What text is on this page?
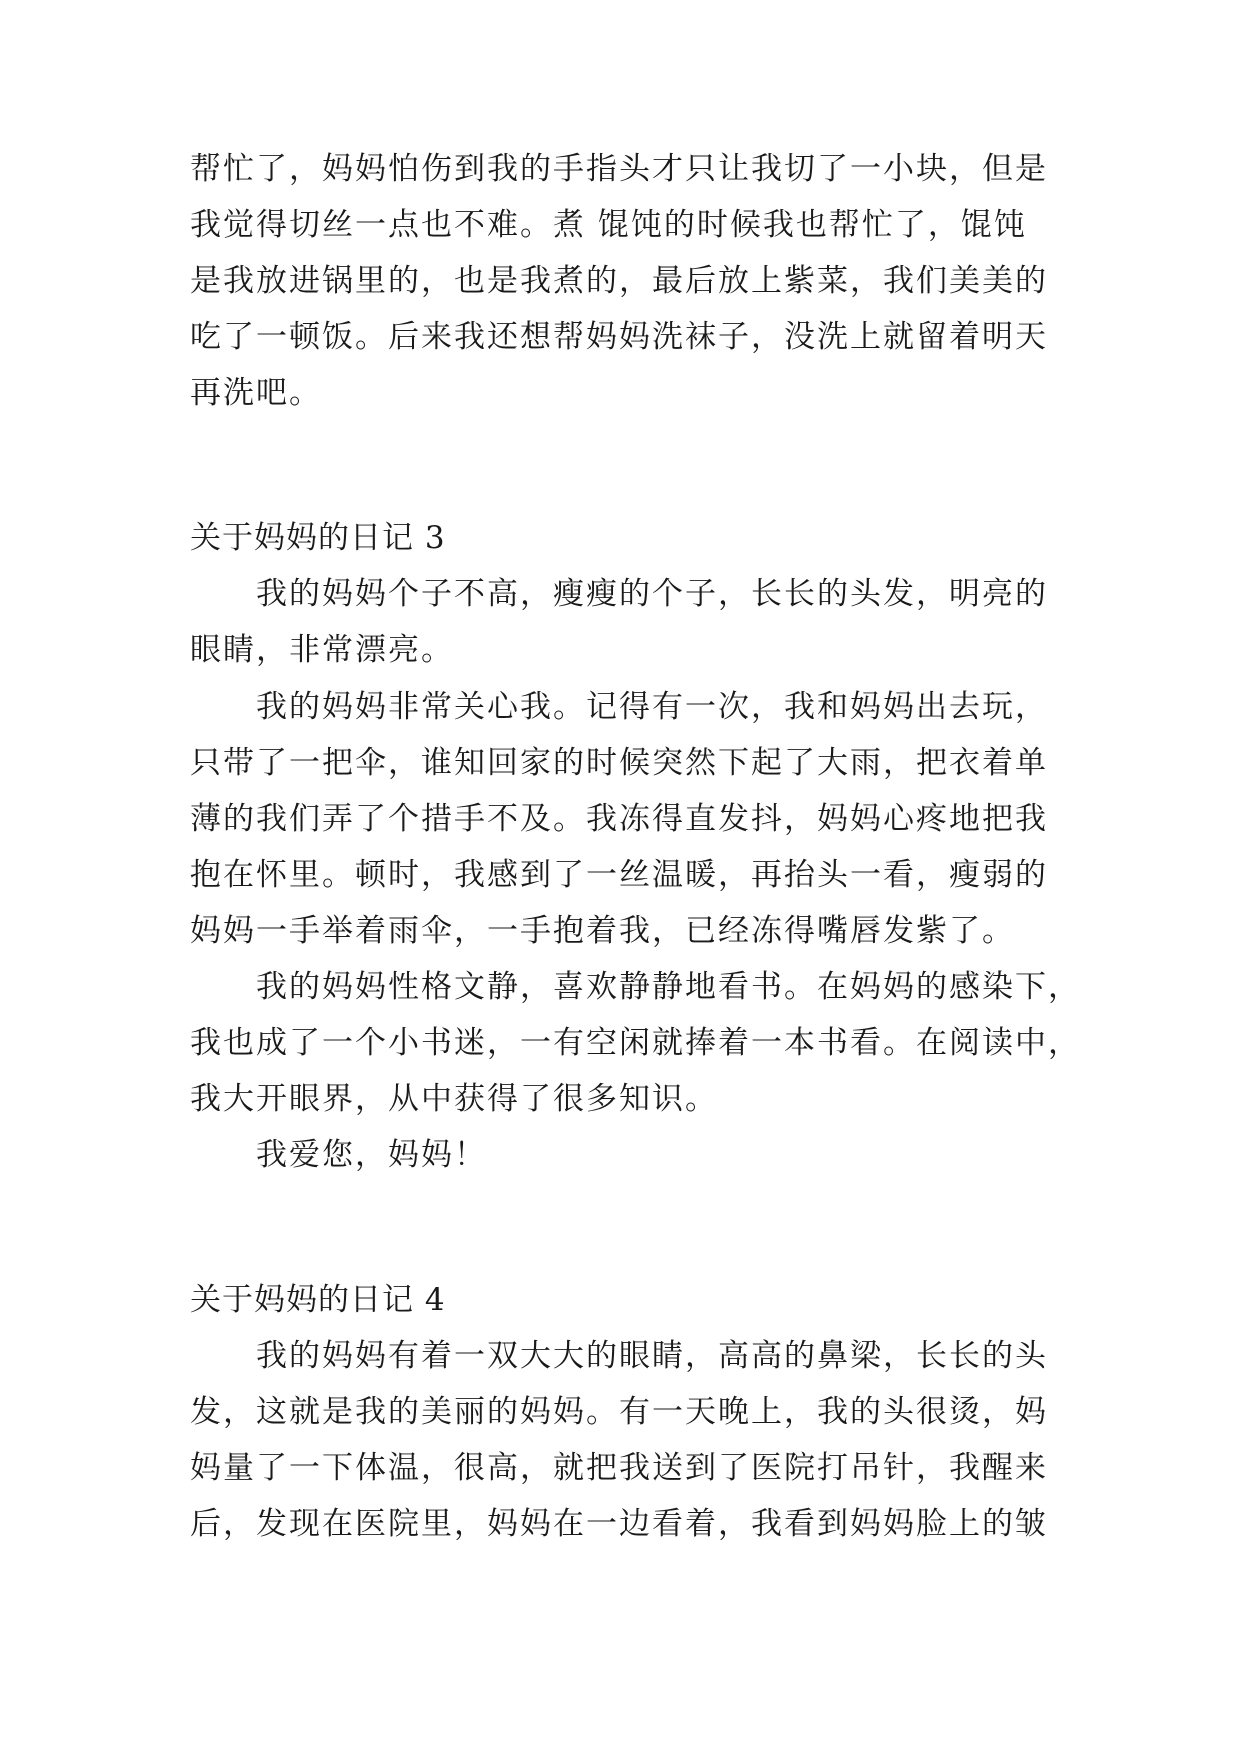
帮忙了，妈妈怕伤到我的手指头才只让我切了一小块，但是
我觉得切丝一点也不难。煮 馄饨的时候我也帮忙了，馄饨
是我放进锅里的，也是我煮的，最后放上紫菜，我们美美的
吃了一顿饭。后来我还想帮妈妈洗袜子，没洗上就留着明天
再洗吧。
关于妈妈的日记 3
我的妈妈个子不高，瘦瘦的个子，长长的头发，明亮的
眼睛，非常漂亮。
我的妈妈非常关心我。记得有一次，我和妈妈出去玩，
只带了一把伞，谁知回家的时候突然下起了大雨，把衣着单
薄的我们弄了个措手不及。我冻得直发抖，妈妈心疼地把我
抱在怀里。顿时，我感到了一丝温暖，再抬头一看，瘦弱的
妈妈一手举着雨伞，一手抱着我，已经冻得嘴唇发紫了。
我的妈妈性格文静，喜欢静静地看书。在妈妈的感染下，
我也成了一个小书迷，一有空闲就捧着一本书看。在阅读中，
我大开眼界，从中获得了很多知识。
我爱您，妈妈！
关于妈妈的日记 4
我的妈妈有着一双大大的眼睛，高高的鼻梁，长长的头
发，这就是我的美丽的妈妈。有一天晚上，我的头很烫，妈
妈量了一下体温，很高，就把我送到了医院打吊针，我醒来
后，发现在医院里，妈妈在一边看着，我看到妈妈脸上的皱
